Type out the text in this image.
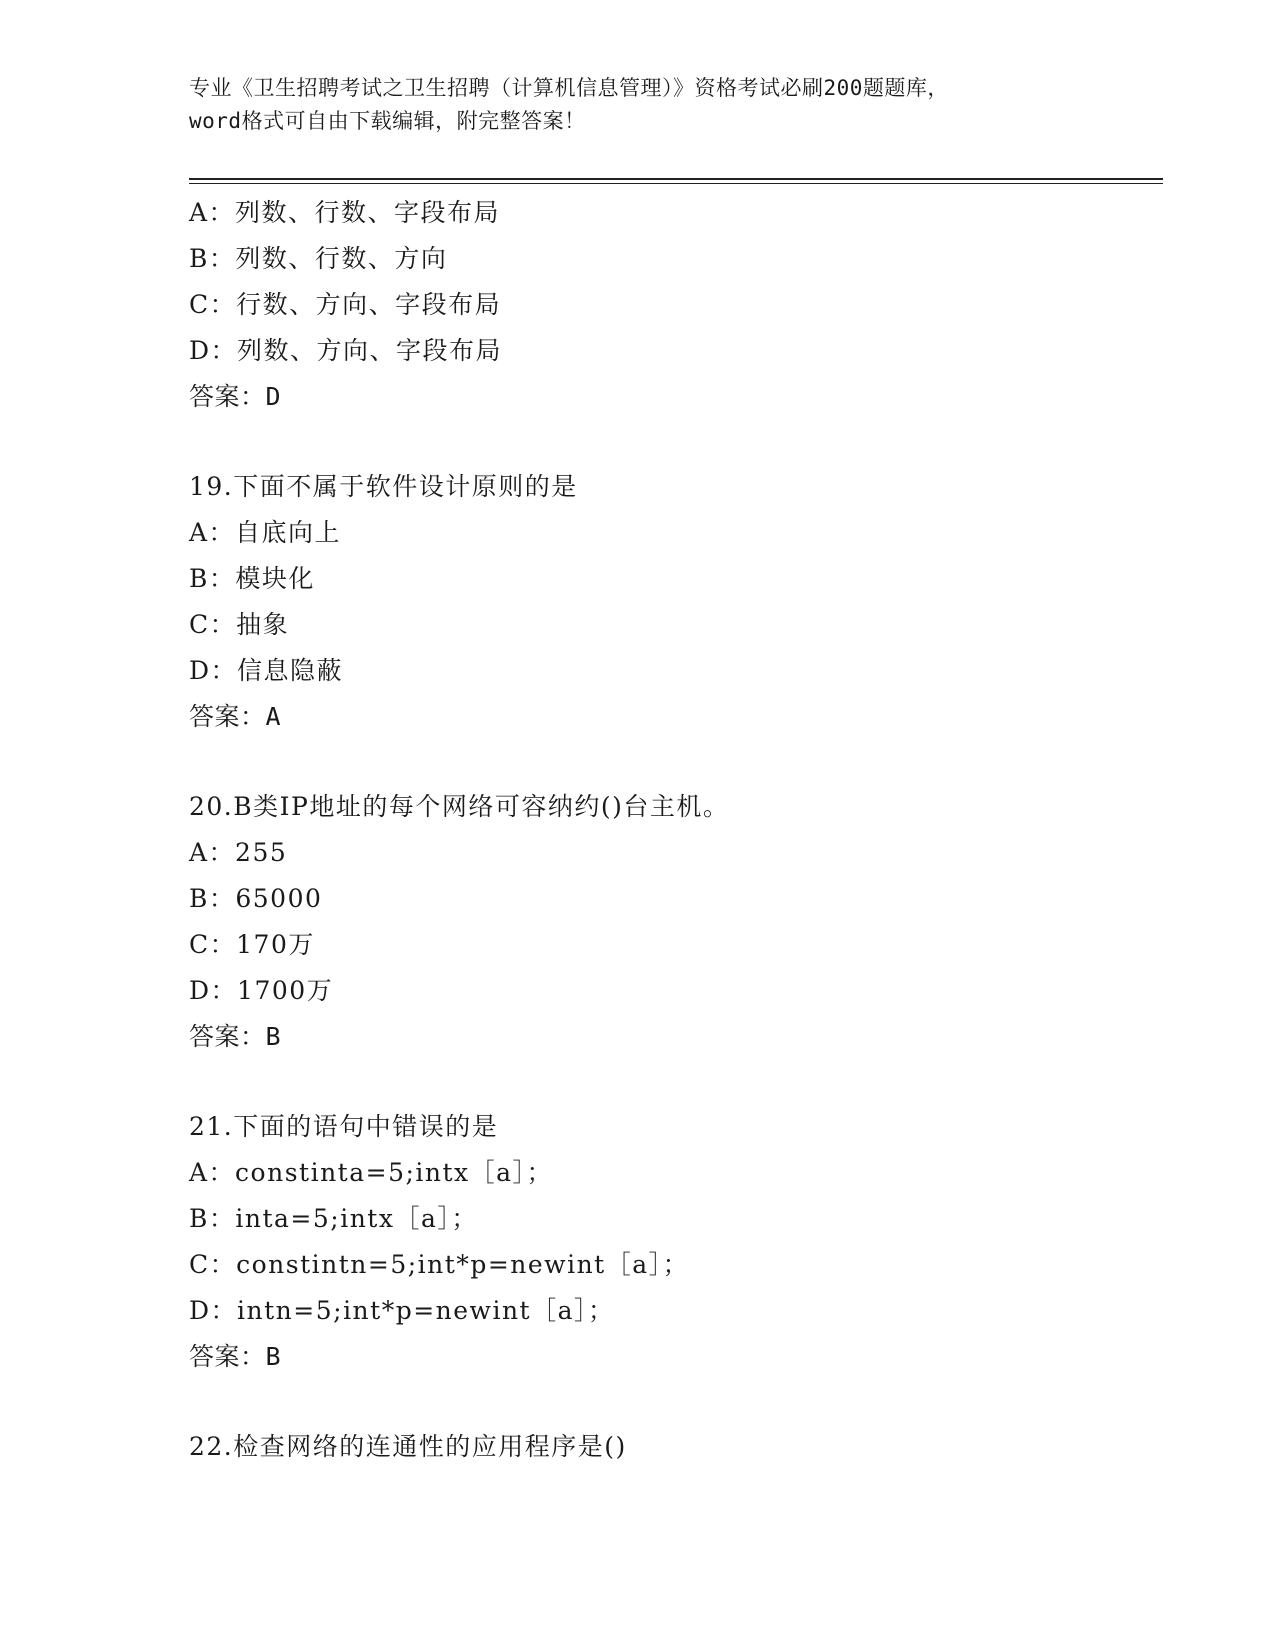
专业《卫生招聘考试之卫生招聘（计算机信息管理）》资格考试必刷200题题库，
word格式可自由下载编辑，附完整答案！
A：列数、行数、字段布局
B：列数、行数、方向
C：行数、方向、字段布局
D：列数、方向、字段布局
答案：D
19.下面不属于软件设计原则的是
A：自底向上
B：模块化
C：抽象
D：信息隐蔽
答案：A
20.B类IP地址的每个网络可容纳约()台主机。
A：255
B：65000
C：170万
D：1700万
答案：B
21.下面的语句中错误的是
A：constinta=5;intx［a］；
B：inta=5;intx［a］；
C：constintn=5;int*p=newint［a］；
D：intn=5;int*p=newint［a］；
答案：B
22.检查网络的连通性的应用程序是()
